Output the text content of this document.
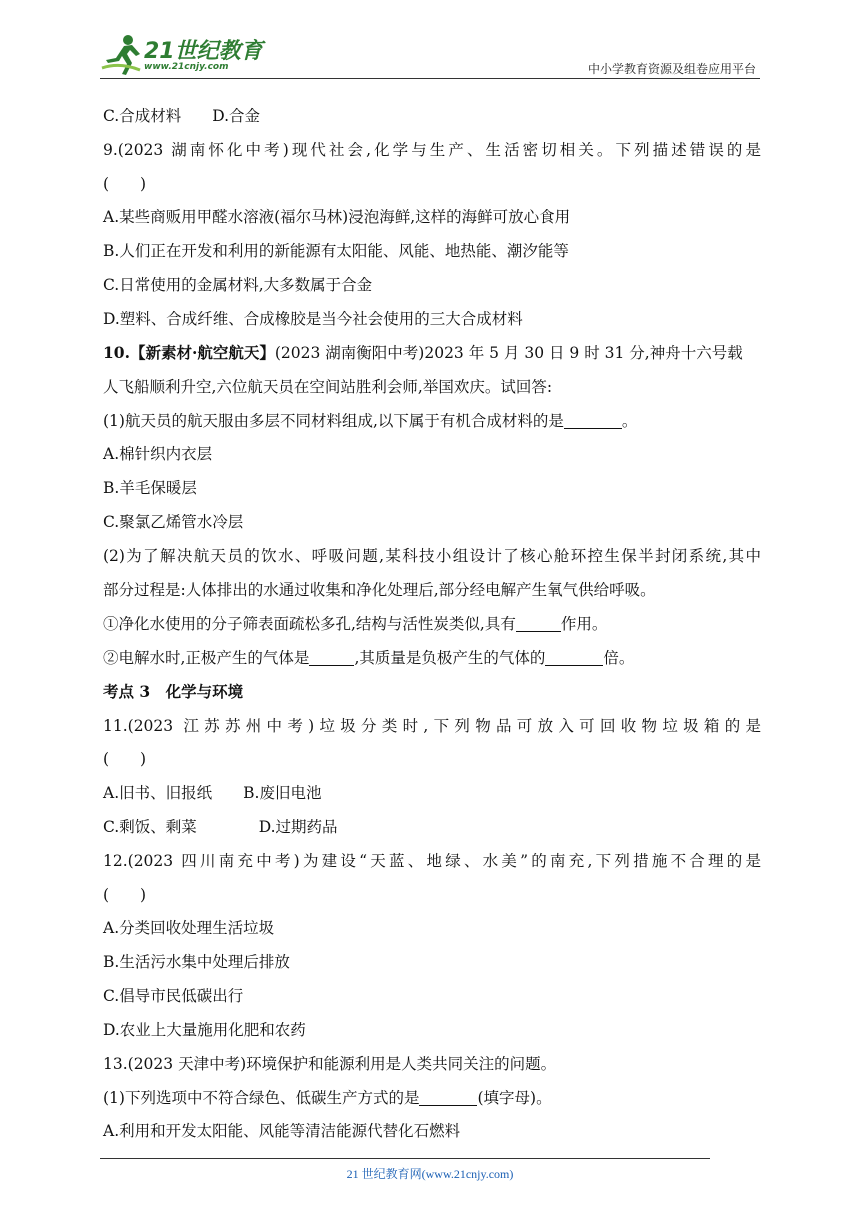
21世纪教育
www.21cnjy.com	中小学教育资源及组卷应用平台
C.合成材料　　D.合金
9.(2023 湖南怀化中考)现代社会,化学与生产、生活密切相关。下列描述错误的是
(　　)
A.某些商贩用甲醛水溶液(福尔马林)浸泡海鲜,这样的海鲜可放心食用
B.人们正在开发和利用的新能源有太阳能、风能、地热能、潮汐能等
C.日常使用的金属材料,大多数属于合金
D.塑料、合成纤维、合成橡胶是当今社会使用的三大合成材料
10.【新素材·航空航天】(2023 湖南衡阳中考)2023 年 5 月 30 日 9 时 31 分,神舟十六号载
人飞船顺利升空,六位航天员在空间站胜利会师,举国欢庆。试回答:
(1)航天员的航天服由多层不同材料组成,以下属于有机合成材料的是	。
A.棉针织内衣层
B.羊毛保暖层
C.聚氯乙烯管水冷层
(2)为了解决航天员的饮水、呼吸问题,某科技小组设计了核心舱环控生保半封闭系统,其中
部分过程是:人体排出的水通过收集和净化处理后,部分经电解产生氧气供给呼吸。
①净化水使用的分子筛表面疏松多孔,结构与活性炭类似,具有	作用。
②电解水时,正极产生的气体是	,其质量是负极产生的气体的	倍。
考点 3　化学与环境
11.(2023 江苏苏州中考)垃圾分类时,下列物品可放入可回收物垃圾箱的是
(　　)
A.旧书、旧报纸　　B.废旧电池
C.剩饭、剩菜　　　　D.过期药品
12.(2023 四川南充中考)为建设“天蓝、地绿、水美”的南充,下列措施不合理的是
(　　)
A.分类回收处理生活垃圾
B.生活污水集中处理后排放
C.倡导市民低碳出行
D.农业上大量施用化肥和农药
13.(2023 天津中考)环境保护和能源利用是人类共同关注的问题。
(1)下列选项中不符合绿色、低碳生产方式的是	(填字母)。
A.利用和开发太阳能、风能等清洁能源代替化石燃料
21 世纪教育网(www.21cnjy.com)
